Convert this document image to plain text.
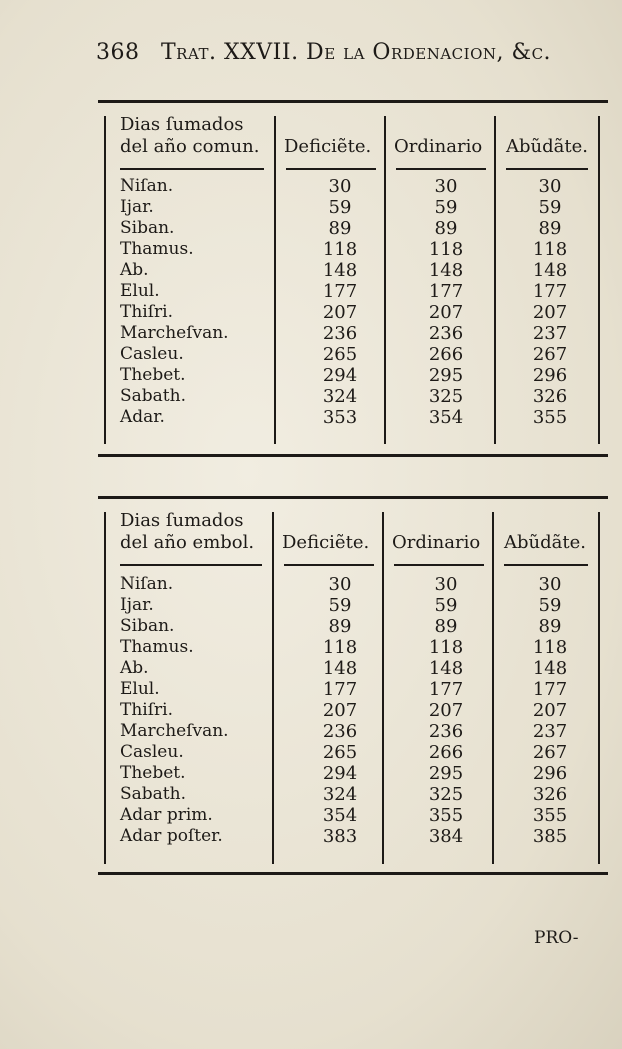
368 Trat. XXVII. De la Ordenacion, &c.
Dias ſumados
del año comun. Deficiẽte. Ordinario Abũdãte.
Niſan.	30	30	30
Ijar.	59	59	59
Siban.	89	89	89
Thamus.	118	118	118
Ab.	148	148	148
Elul.	177	177	177
Thiſri.	207	207	207
Marcheſvan.	236	236	237
Casleu.	265	266	267
Thebet.	294	295	296
Sabath.	324	325	326
Adar.	353	354	355
Dias ſumados
del año embol. Deficiẽte. Ordinario Abũdãte.
Niſan.	30	30	30
Ijar.	59	59	59
Siban.	89	89	89
Thamus.	118	118	118
Ab.	148	148	148
Elul.	177	177	177
Thiſri.	207	207	207
Marcheſvan.	236	236	237
Casleu.	265	266	267
Thebet.	294	295	296
Sabath.	324	325	326
Adar prim.	354	355	355
Adar poſter.	383	384	385
PRO-
